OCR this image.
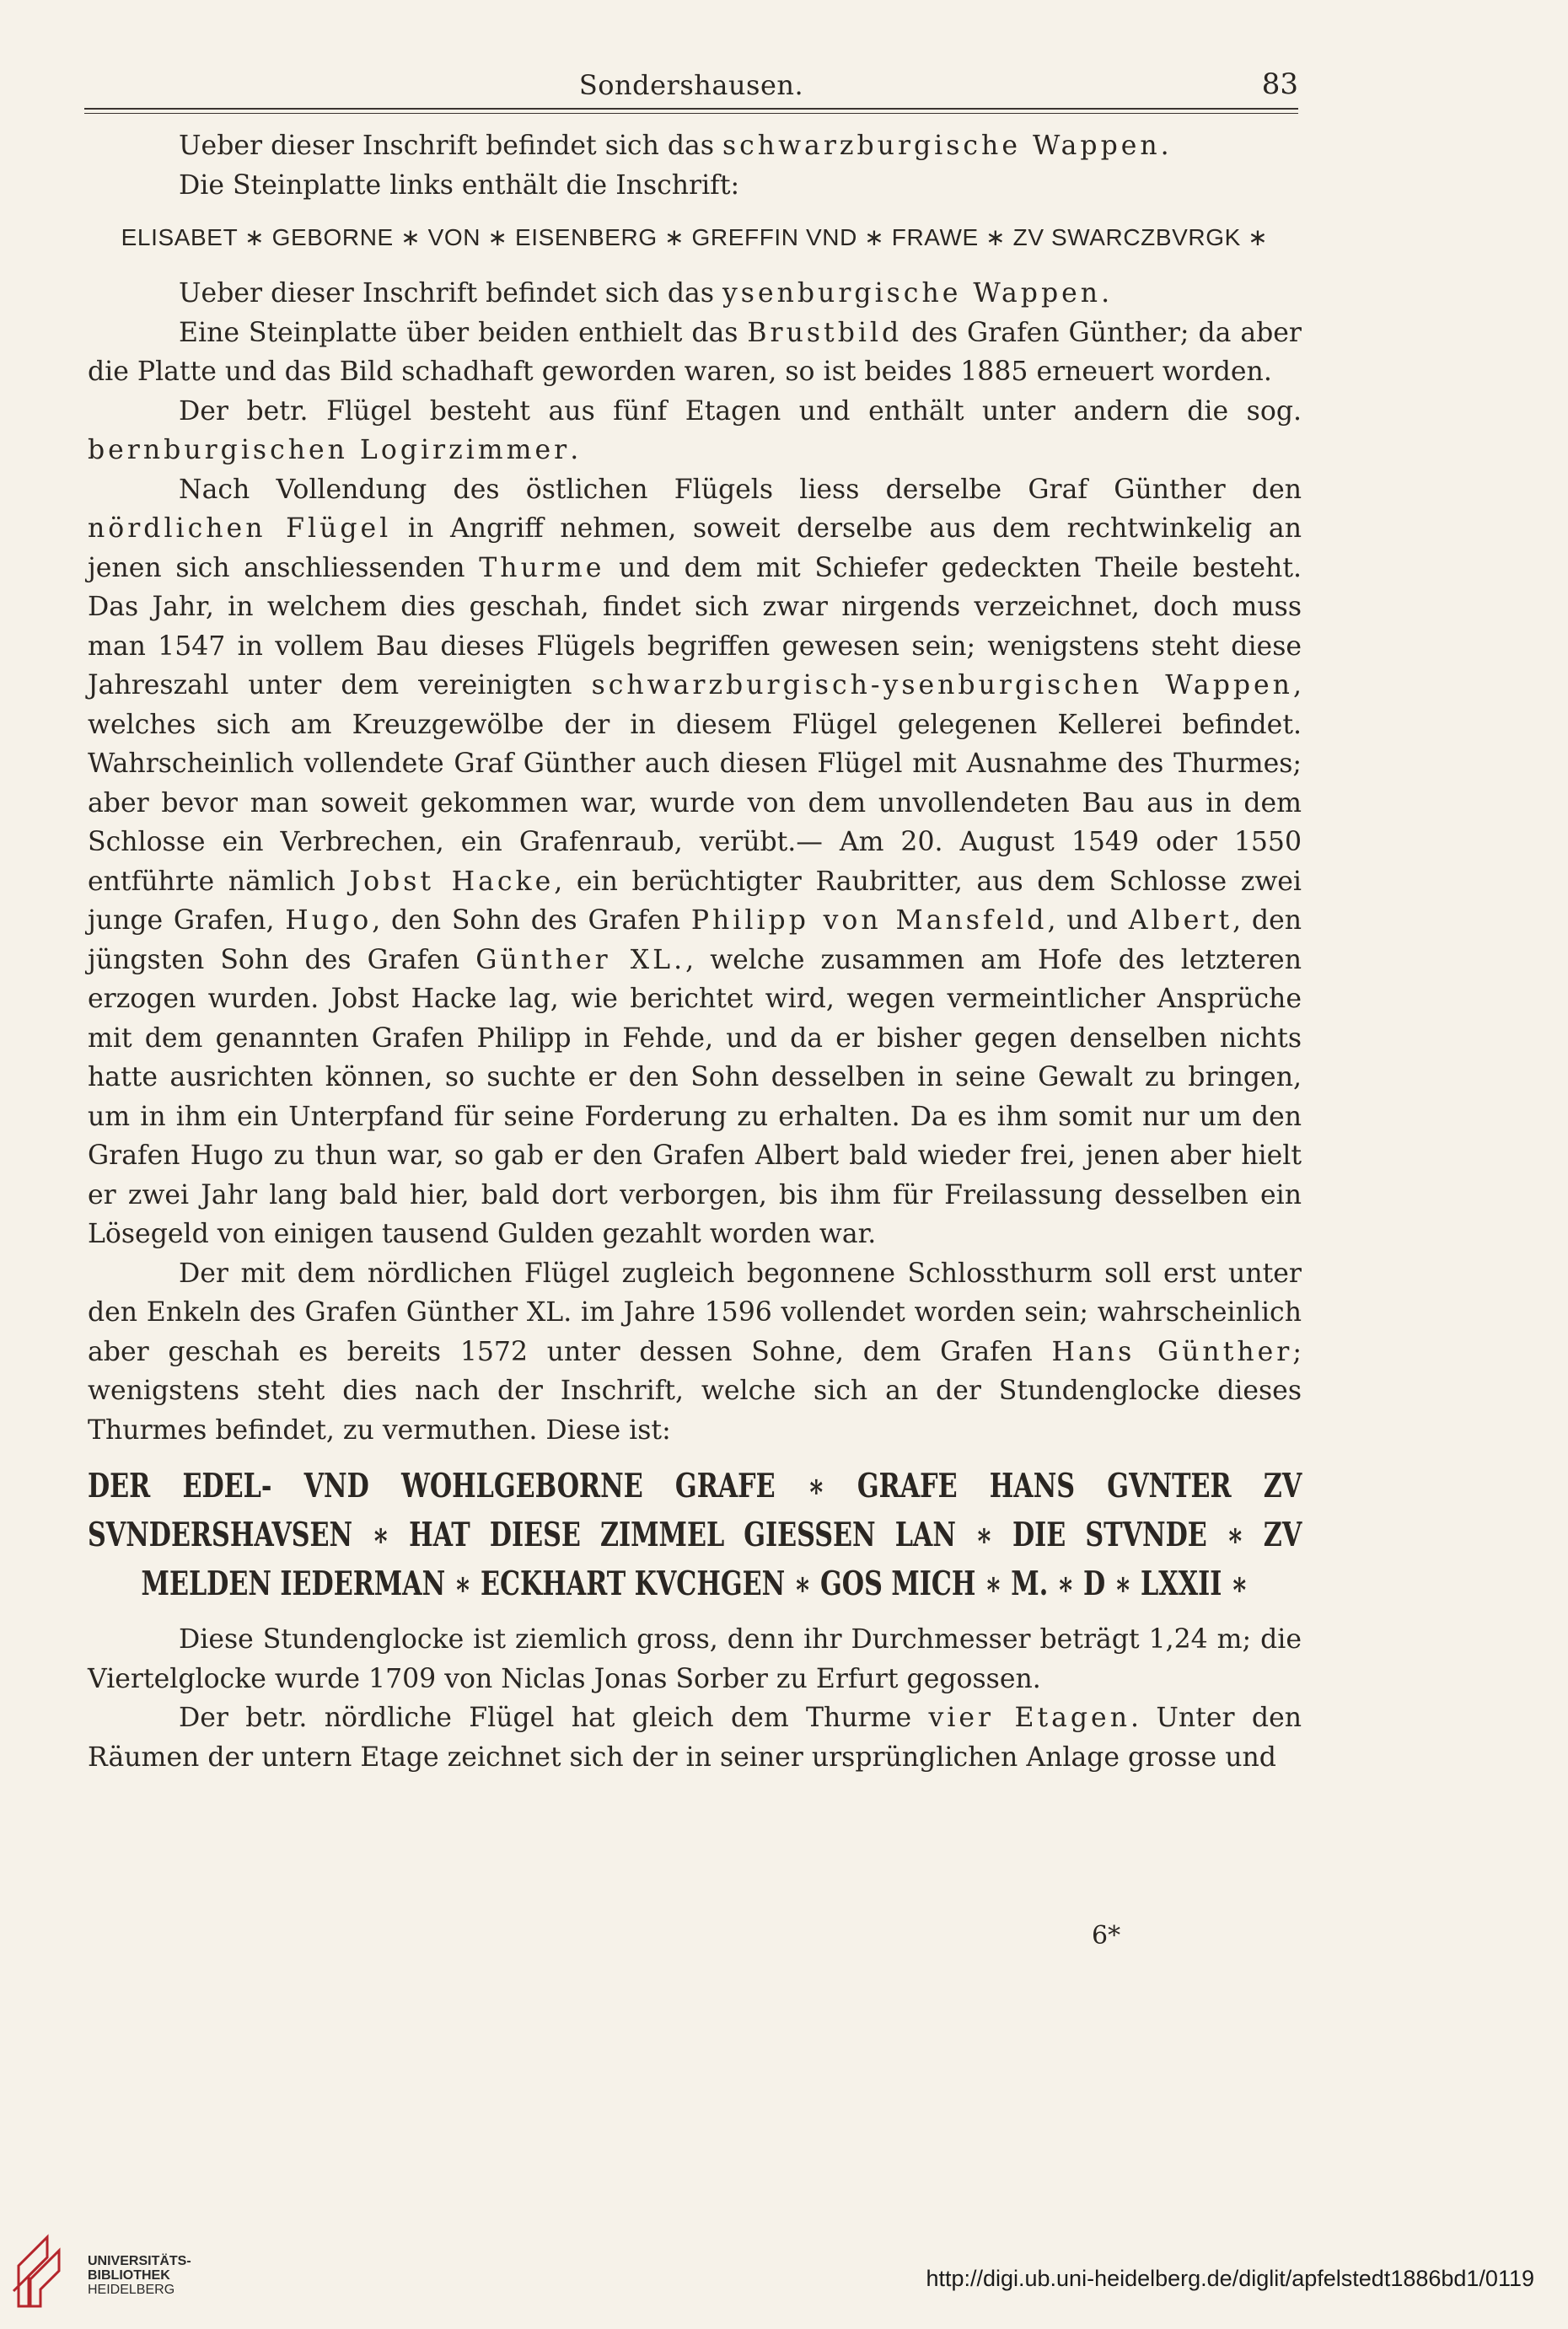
Sondershausen.	83

Ueber dieser Inschrift befindet sich das schwarzburgische Wappen.

Die Steinplatte links enthält die Inschrift:

ELISABET ∗ GEBORNE ∗ VON ∗ EISENBERG ∗ GREFFIN VND ∗ FRAWE ∗ ZV SWARCZBVRGK ∗

Ueber dieser Inschrift befindet sich das ysenburgische Wappen.

Eine Steinplatte über beiden enthielt das Brustbild des Grafen Günther; da aber die Platte und das Bild schadhaft geworden waren, so ist beides 1885 erneuert worden.

Der betr. Flügel besteht aus fünf Etagen und enthält unter andern die sog. bernburgischen Logirzimmer.

Nach Vollendung des östlichen Flügels liess derselbe Graf Günther den nördlichen Flügel in Angriff nehmen, soweit derselbe aus dem rechtwinkelig an jenen sich anschliessenden Thurme und dem mit Schiefer gedeckten Theile besteht. Das Jahr, in welchem dies geschah, findet sich zwar nirgends verzeichnet, doch muss man 1547 in vollem Bau dieses Flügels begriffen gewesen sein; wenigstens steht diese Jahreszahl unter dem vereinigten schwarzburgisch-ysenburgischen Wappen, welches sich am Kreuzgewölbe der in diesem Flügel gelegenen Kellerei befindet. Wahrscheinlich vollendete Graf Günther auch diesen Flügel mit Ausnahme des Thurmes; aber bevor man soweit gekommen war, wurde von dem unvollendeten Bau aus in dem Schlosse ein Verbrechen, ein Grafenraub, verübt.— Am 20. August 1549 oder 1550 entführte nämlich Jobst Hacke, ein berüchtigter Raubritter, aus dem Schlosse zwei junge Grafen, Hugo, den Sohn des Grafen Philipp von Mansfeld, und Albert, den jüngsten Sohn des Grafen Günther XL., welche zusammen am Hofe des letzteren erzogen wurden. Jobst Hacke lag, wie berichtet wird, wegen vermeintlicher Ansprüche mit dem genannten Grafen Philipp in Fehde, und da er bisher gegen denselben nichts hatte ausrichten können, so suchte er den Sohn desselben in seine Gewalt zu bringen, um in ihm ein Unterpfand für seine Forderung zu erhalten. Da es ihm somit nur um den Grafen Hugo zu thun war, so gab er den Grafen Albert bald wieder frei, jenen aber hielt er zwei Jahr lang bald hier, bald dort verborgen, bis ihm für Freilassung desselben ein Lösegeld von einigen tausend Gulden gezahlt worden war.

Der mit dem nördlichen Flügel zugleich begonnene Schlossthurm soll erst unter den Enkeln des Grafen Günther XL. im Jahre 1596 vollendet worden sein; wahrscheinlich aber geschah es bereits 1572 unter dessen Sohne, dem Grafen Hans Günther; wenigstens steht dies nach der Inschrift, welche sich an der Stundenglocke dieses Thurmes befindet, zu vermuthen. Diese ist:

DER EDEL- VND WOHLGEBORNE GRAFE ∗ GRAFE HANS GVNTER ZV SVNDERSHAVSEN ∗ HAT DIESE ZIMMEL GIESSEN LAN ∗ DIE STVNDE ∗ ZV MELDEN IEDERMAN ∗ ECKHART KVCHGEN ∗ GOS MICH ∗ M. ∗ D ∗ LXXII ∗

Diese Stundenglocke ist ziemlich gross, denn ihr Durchmesser beträgt 1,24 m; die Viertelglocke wurde 1709 von Niclas Jonas Sorber zu Erfurt gegossen.

Der betr. nördliche Flügel hat gleich dem Thurme vier Etagen. Unter den Räumen der untern Etage zeichnet sich der in seiner ursprünglichen Anlage grosse und

6*
UNIVERSITÄTS-
BIBLIOTHEK
HEIDELBERG	http://digi.ub.uni-heidelberg.de/diglit/apfelstedt1886bd1/0119
